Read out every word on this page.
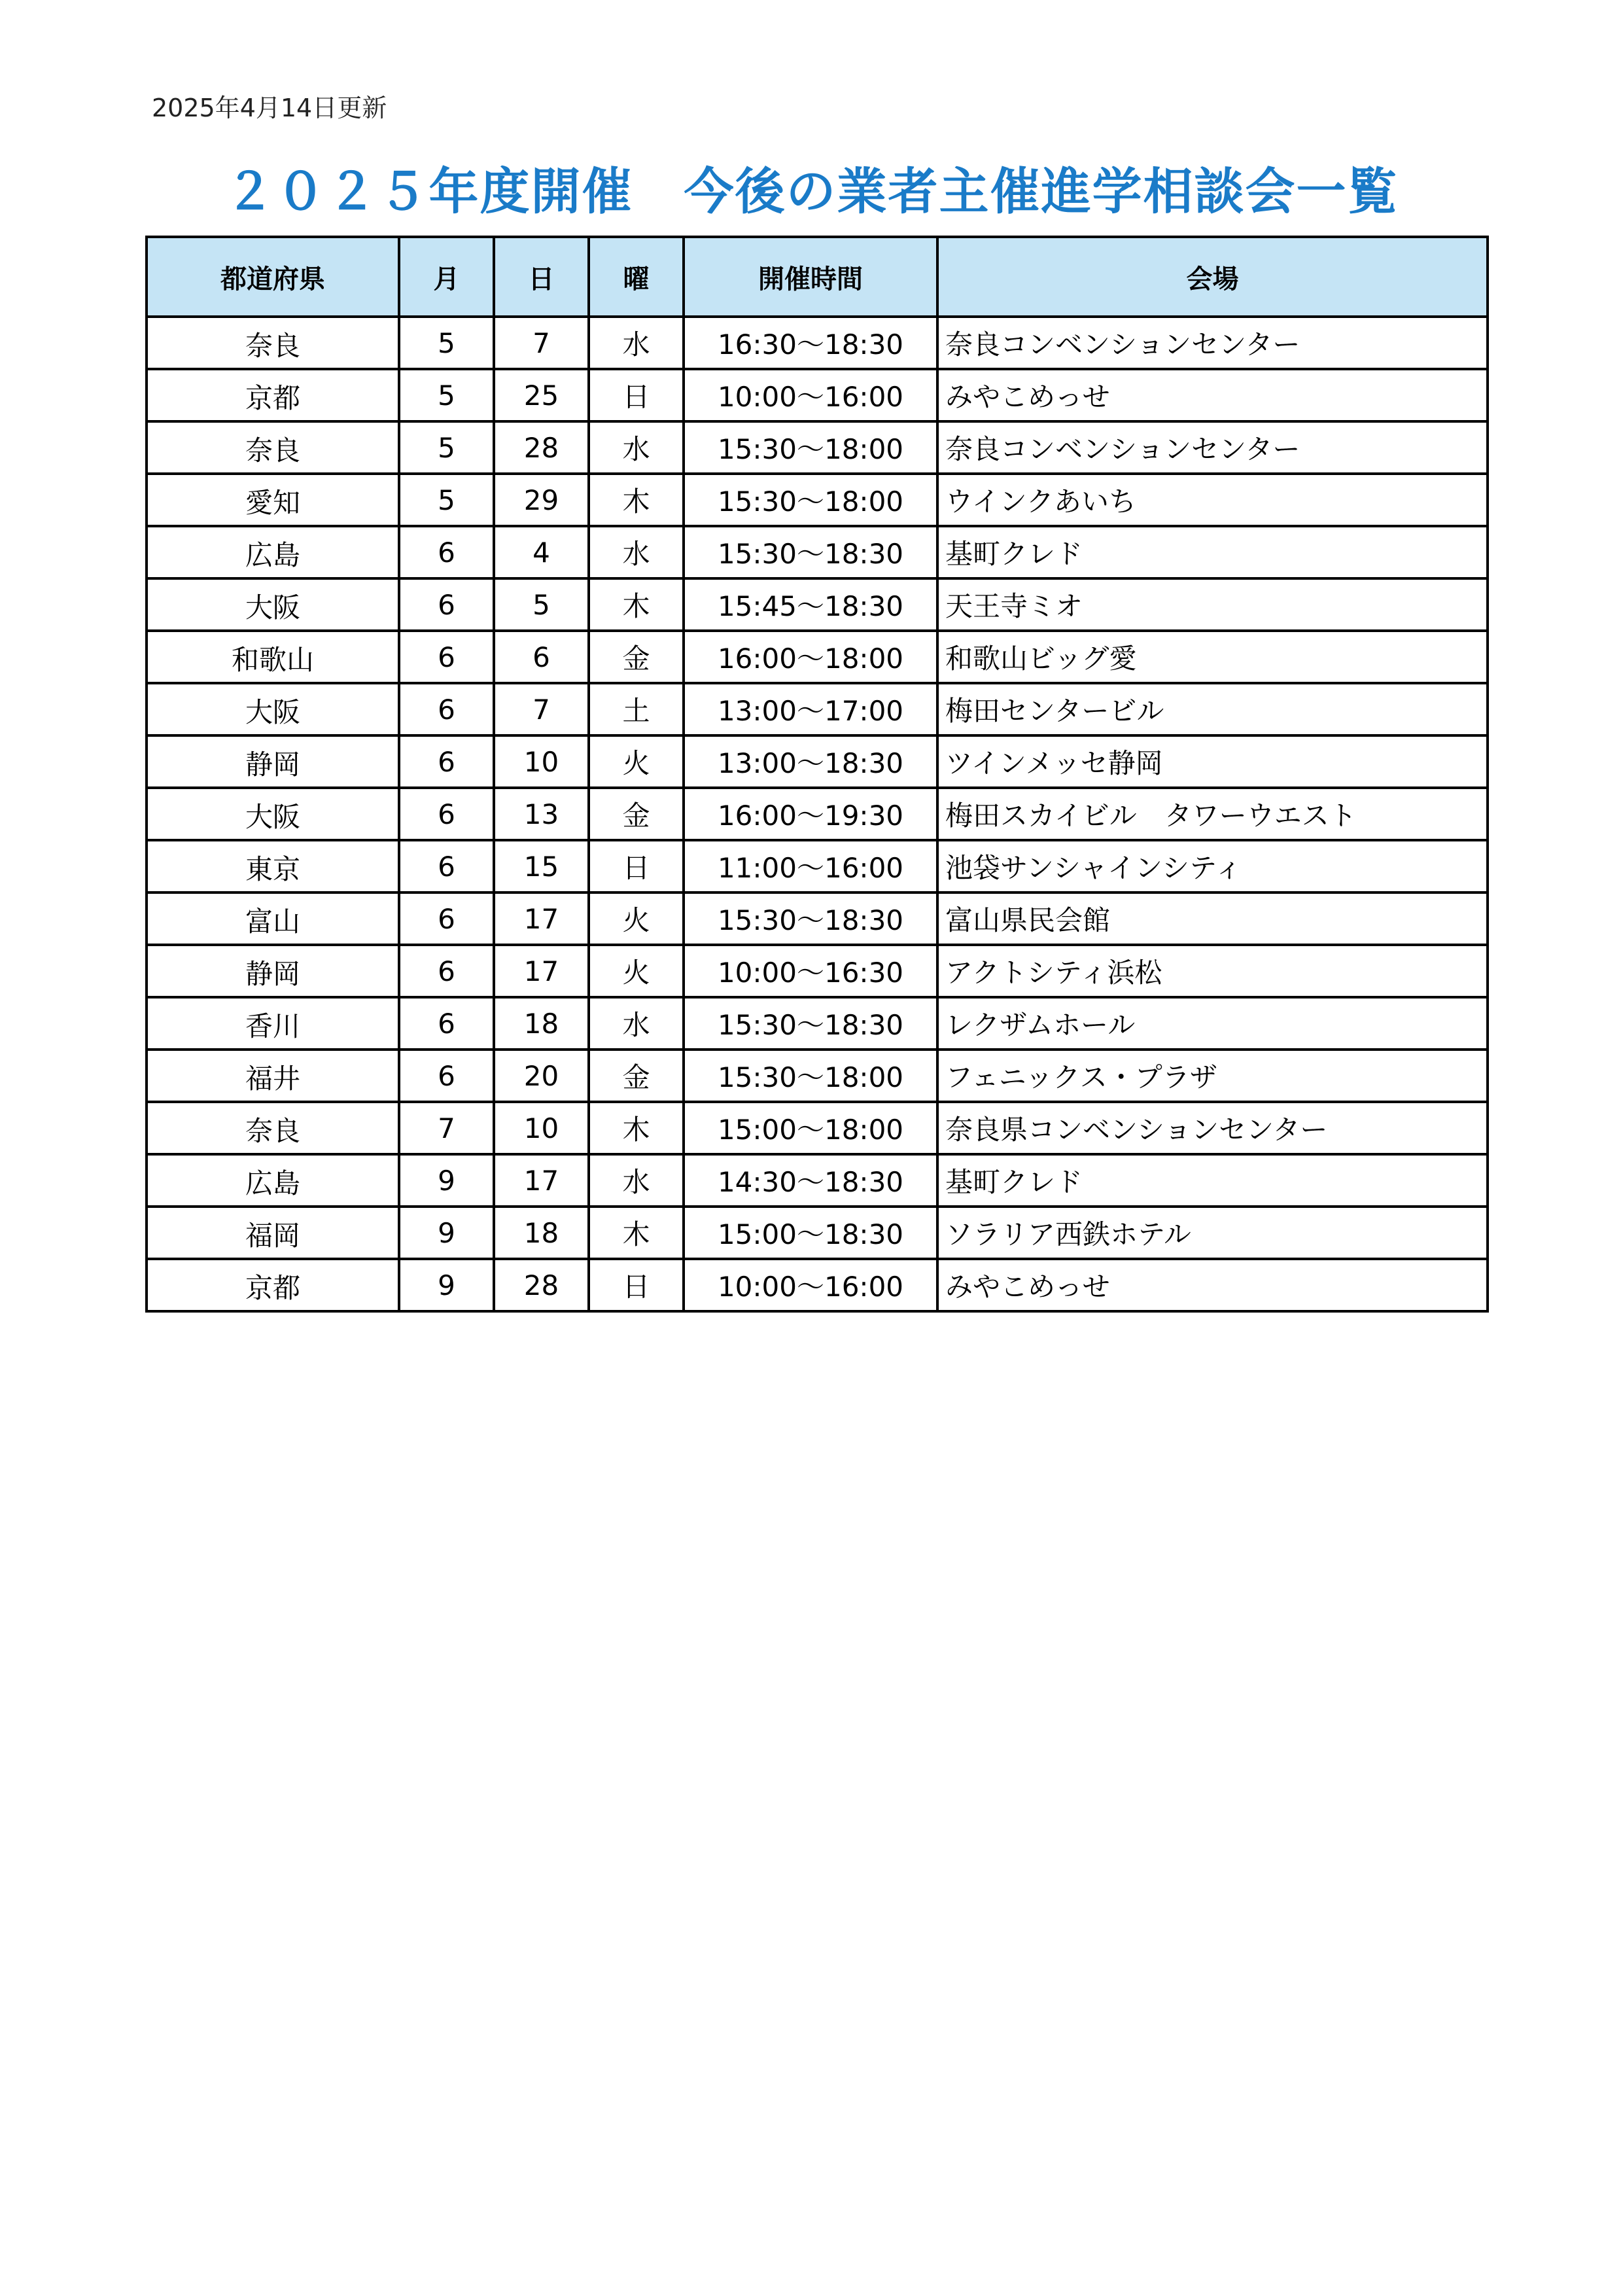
2025年4月14日更新
２０２５年度開催　今後の業者主催進学相談会一覧
都道府県	月	日	曜	開催時間	会場
奈良	5	7	水	16:30〜18:30	奈良コンベンションセンター
京都	5	25	日	10:00〜16:00	みやこめっせ
奈良	5	28	水	15:30〜18:00	奈良コンベンションセンター
愛知	5	29	木	15:30〜18:00	ウインクあいち
広島	6	4	水	15:30〜18:30	基町クレド
大阪	6	5	木	15:45〜18:30	天王寺ミオ
和歌山	6	6	金	16:00〜18:00	和歌山ビッグ愛
大阪	6	7	土	13:00〜17:00	梅田センタービル
静岡	6	10	火	13:00〜18:30	ツインメッセ静岡
大阪	6	13	金	16:00〜19:30	梅田スカイビル　タワーウエスト
東京	6	15	日	11:00〜16:00	池袋サンシャインシティ
富山	6	17	火	15:30〜18:30	富山県民会館
静岡	6	17	火	10:00〜16:30	アクトシティ浜松
香川	6	18	水	15:30〜18:30	レクザムホール
福井	6	20	金	15:30〜18:00	フェニックス・プラザ
奈良	7	10	木	15:00〜18:00	奈良県コンベンションセンター
広島	9	17	水	14:30〜18:30	基町クレド
福岡	9	18	木	15:00〜18:30	ソラリア西鉄ホテル
京都	9	28	日	10:00〜16:00	みやこめっせ
